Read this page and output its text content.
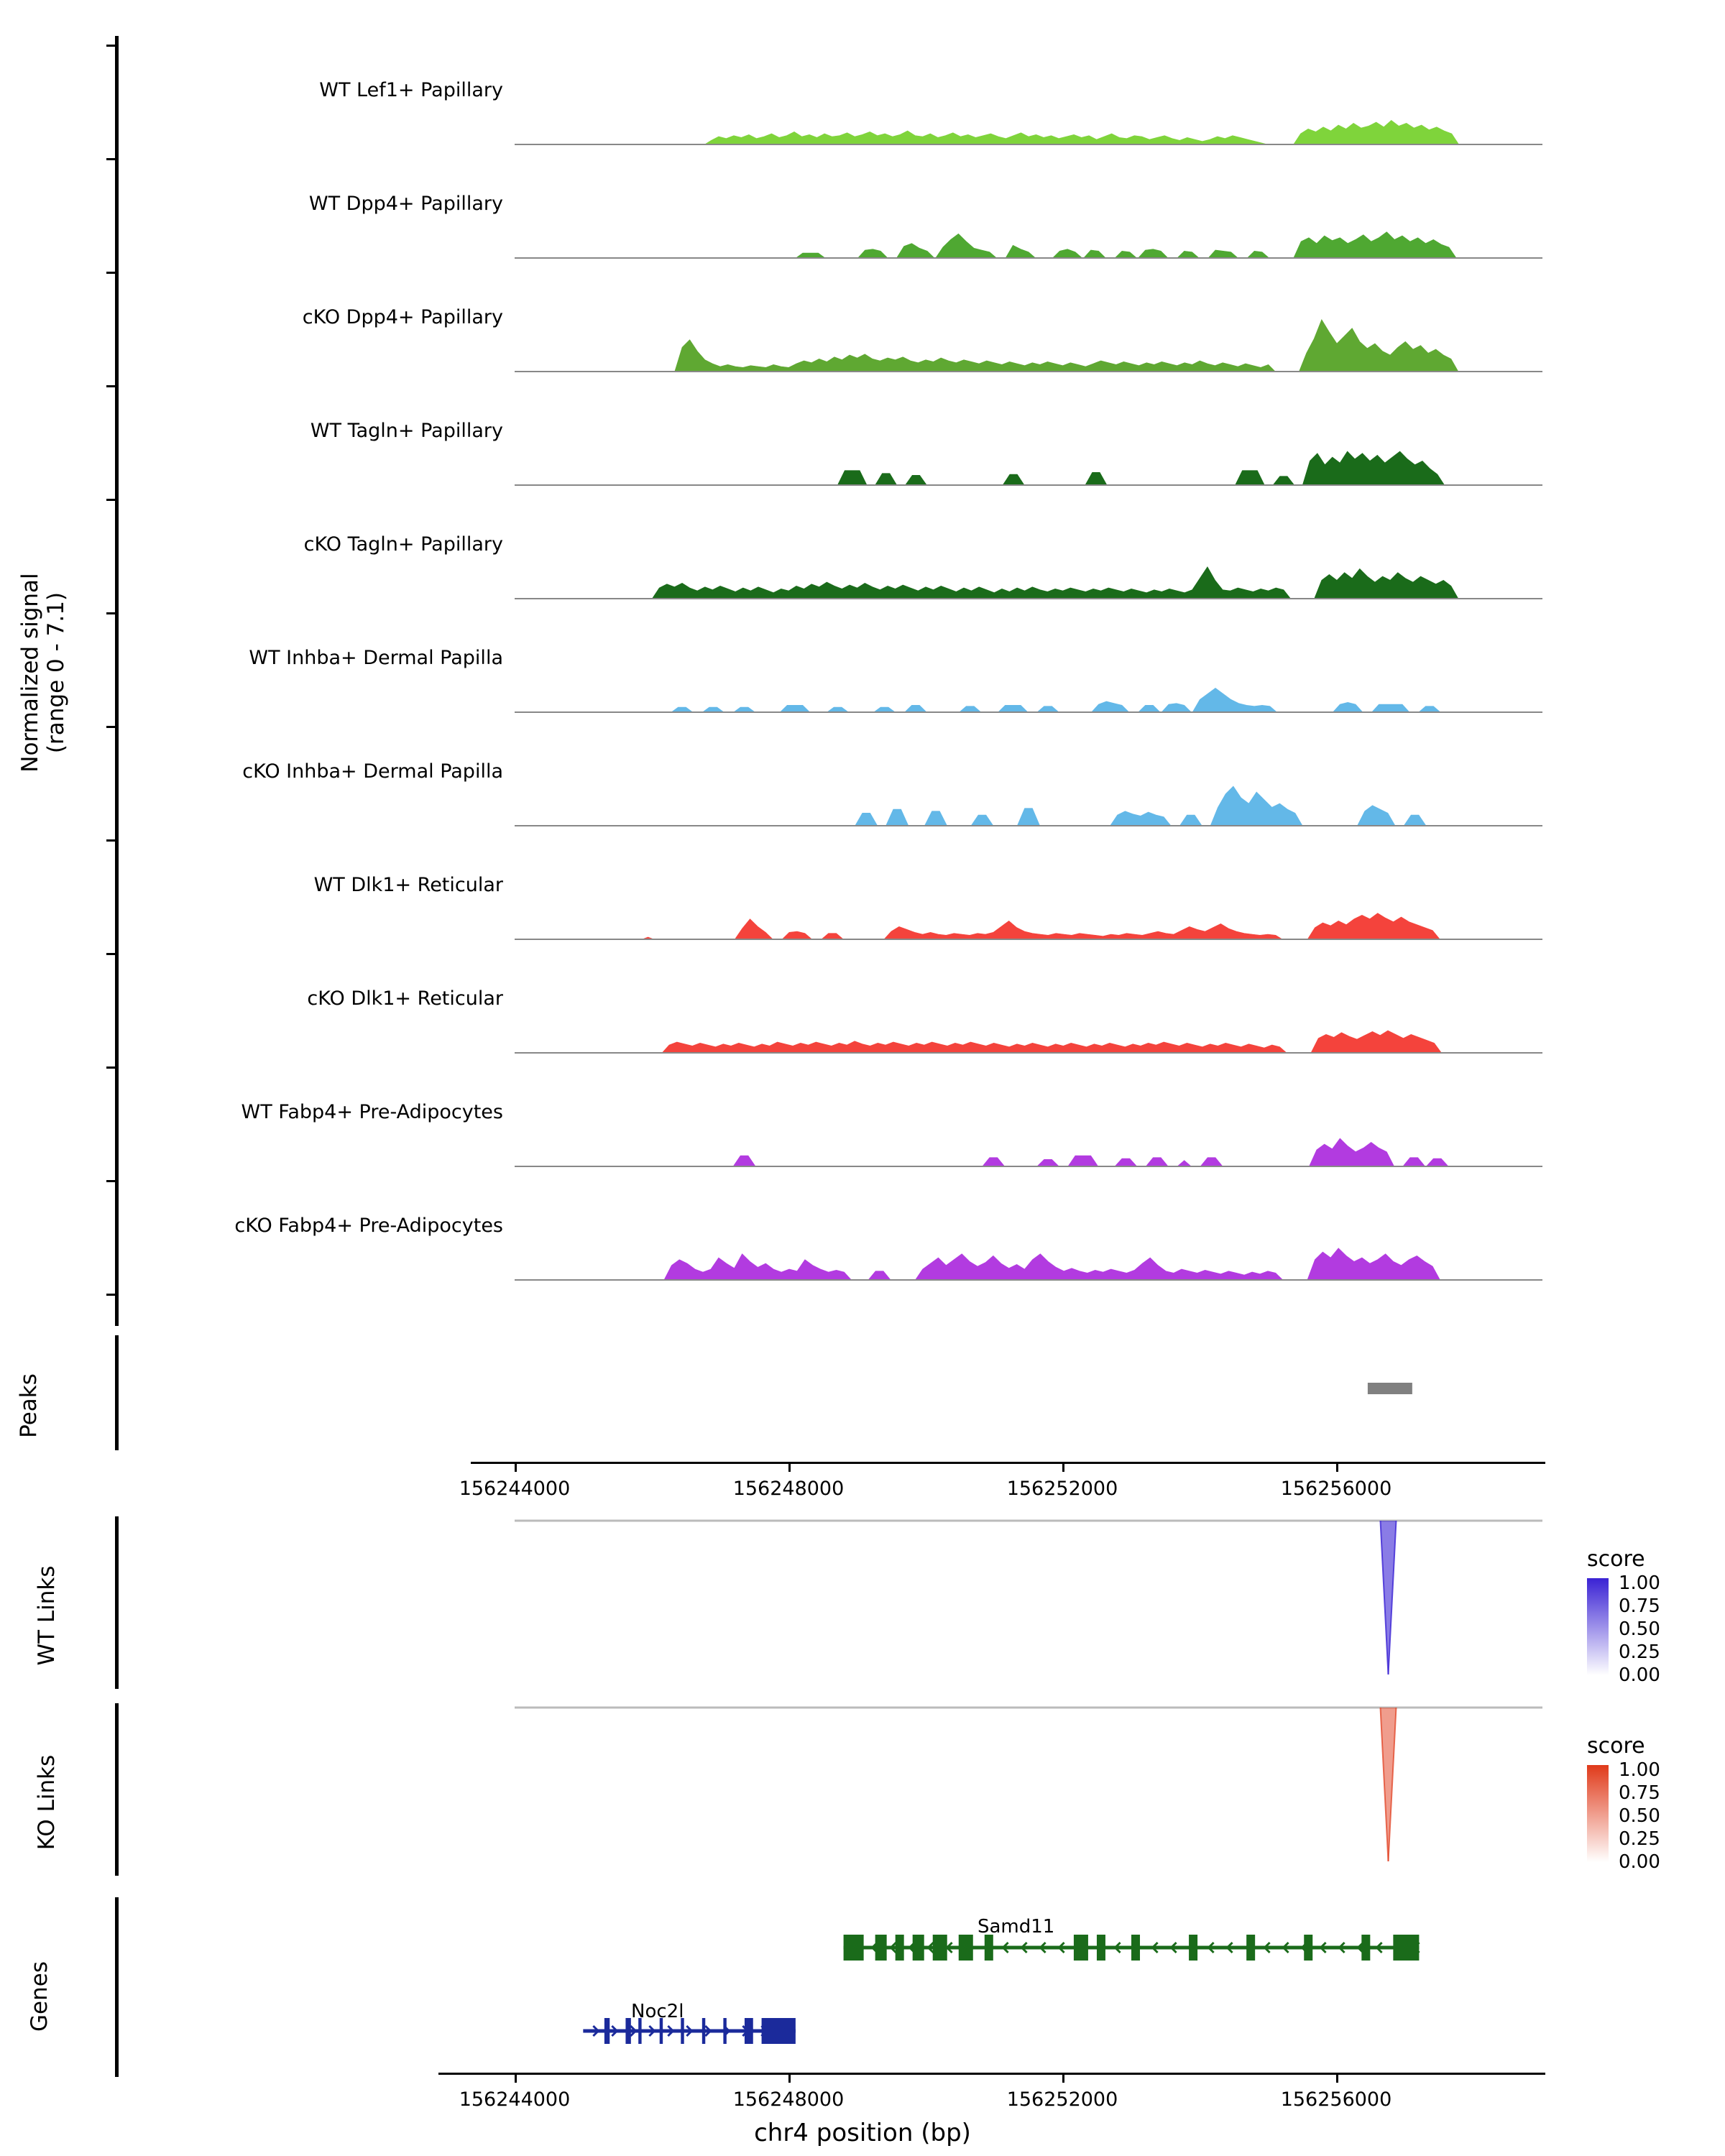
Normalized signal
(range 0 - 7.1)
WT Lef1+ Papillary
WT Dpp4+ Papillary
cKO Dpp4+ Papillary
WT Tagln+ Papillary
cKO Tagln+ Papillary
WT Inhba+ Dermal Papilla
cKO Inhba+ Dermal Papilla
WT Dlk1+ Reticular
cKO Dlk1+ Reticular
WT Fabp4+ Pre-Adipocytes
cKO Fabp4+ Pre-Adipocytes
Peaks
156244000	156248000	156252000	156256000
WT Links
score
1.00
0.75
0.50
0.25
0.00
KO Links
score
1.00
0.75
0.50
0.25
0.00
Genes
Samd11
Noc2l
156244000	156248000	156252000	156256000
chr4 position (bp)
